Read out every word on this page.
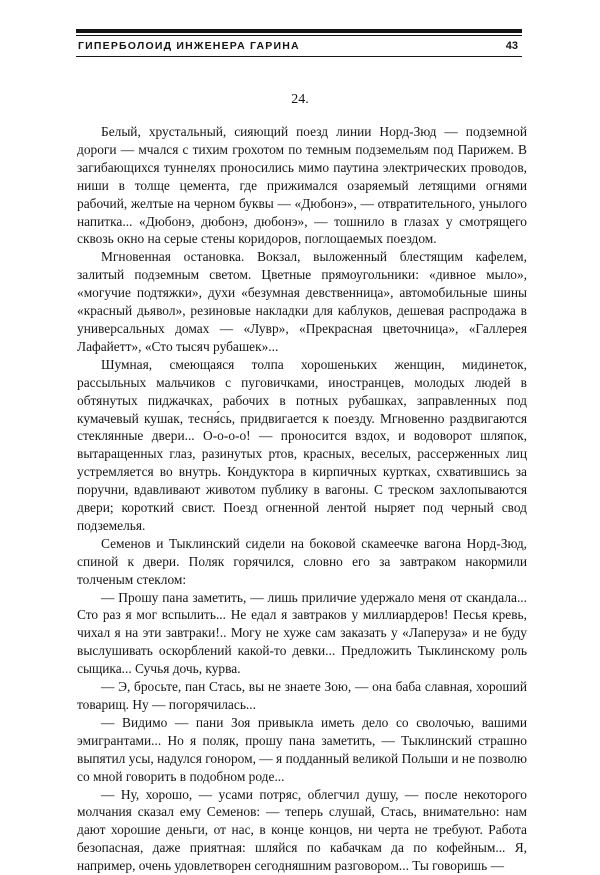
ГИПЕРБОЛОИД ИНЖЕНЕРА ГАРИНА	43
24.

Белый, хрустальный, сияющий поезд линии Норд-Зюд — подземной дороги — мчался с тихим грохотом по темным подземельям под Парижем. В загибающихся туннелях проносились мимо паутина электрических проводов, ниши в толще цемента, где прижимался озаряемый летящими огнями рабочий, желтые на черном буквы — «Дюбонэ», — отвратительного, унылого напитка... «Дюбонэ, дюбонэ, дюбонэ», — тошнило в глазах у смотрящего сквозь окно на серые стены коридоров, поглощаемых поездом.

Мгновенная остановка. Вокзал, выложенный блестящим кафелем, залитый подземным светом. Цветные прямоугольники: «дивное мыло», «могучие подтяжки», духи «безумная девственница», автомобильные шины «красный дьявол», резиновые накладки для каблуков, дешевая распродажа в универсальных домах — «Лувр», «Прекрасная цветочница», «Галлерея Лафайетт», «Сто тысяч рубашек»...

Шумная, смеющаяся толпа хорошеньких женщин, мидинеток, рассыльных мальчиков с пуговичками, иностранцев, молодых людей в обтянутых пиджачках, рабочих в потных рубашках, заправленных под кумачевый кушак, тесня́сь, придвигается к поезду. Мгновенно раздвигаются стеклянные двери... О-о-о-о! — проносится вздох, и водоворот шляпок, вытаращенных глаз, разинутых ртов, красных, веселых, рассерженных лиц устремляется во внутрь. Кондуктора в кирпичных куртках, схватившись за поручни, вдавливают животом публику в вагоны. С треском захлопываются двери; короткий свист. Поезд огненной лентой ныряет под черный свод подземелья.

Семенов и Тыклинский сидели на боковой скамеечке вагона Норд-Зюд, спиной к двери. Поляк горячился, словно его за завтраком накормили толченым стеклом:

— Прошу пана заметить, — лишь приличие удержало меня от скандала... Сто раз я мог вспылить... Не едал я завтраков у миллиардеров! Песья кревь, чихал я на эти завтраки!.. Могу не хуже сам заказать у «Лаперуза» и не буду выслушивать оскорблений какой-то девки... Предложить Тыклинскому роль сыщика... Сучья дочь, курва.

— Э, бросьте, пан Стась, вы не знаете Зою, — она баба славная, хороший товарищ. Ну — погорячилась...

— Видимо — пани Зоя привыкла иметь дело со сволочью, вашими эмигрантами... Но я поляк, прошу пана заметить, — Тыклинский страшно выпятил усы, надулся гонором, — я подданный великой Польши и не позволю со мной говорить в подобном роде...

— Ну, хорошо, — усами потряс, облегчил душу, — после некоторого молчания сказал ему Семенов: — теперь слушай, Стась, внимательно: нам дают хорошие деньги, от нас, в конце концов, ни черта не требуют. Работа безопасная, даже приятная: шляйся по кабачкам да по кофейным... Я, например, очень удовлетворен сегодняшним разговором... Ты говоришь —
